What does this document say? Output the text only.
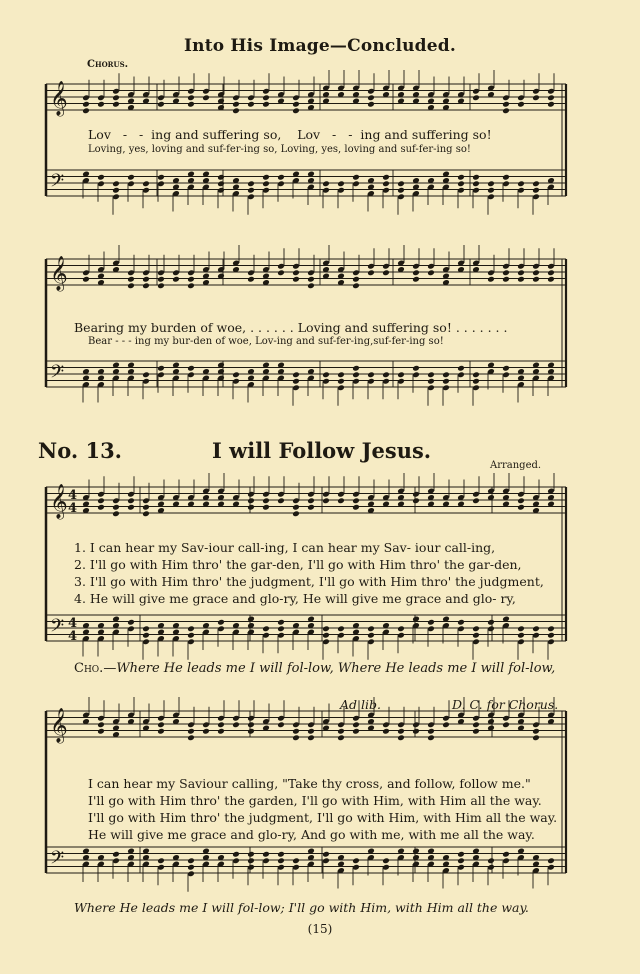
𝄞
𝄢
𝄞
𝄢
𝄞
𝄢
𝄞
𝄢
4
4
4
4
Into His Image—Concluded.
Chorus.
Lov - - ing and suffering so, Lov - - ing and suffering so!
Loving, yes, loving and suf-fer-ing so, Loving, yes, loving and suf-fer-ing so!
Bearing my burden of woe, . . . . . . Loving and suffering so! . . . . . . .
Bear - - - ing my bur-den of woe, Lov-ing and suf-fer-ing,suf-fer-ing so!
No. 13.	I will Follow Jesus.
Arranged.
1. I can hear my Sav-iour call-ing, I can hear my Sav- iour call-ing,
2. I'll go with Him thro' the gar-den, I'll go with Him thro' the gar-den,
3. I'll go with Him thro' the judgment, I'll go with Him thro' the judgment,
4. He will give me grace and glo-ry, He will give me grace and glo- ry,
Cho.—Where He leads me I will fol-low, Where He leads me I will fol-low,
Ad lib.	D. C. for Chorus.
I can hear my Saviour calling, "Take thy cross, and follow, follow me."
I'll go with Him thro' the garden, I'll go with Him, with Him all the way.
I'll go with Him thro' the judgment, I'll go with Him, with Him all the way.
He will give me grace and glo-ry, And go with me, with me all the way.
Where He leads me I will fol-low; I'll go with Him, with Him all the way.
(15)
